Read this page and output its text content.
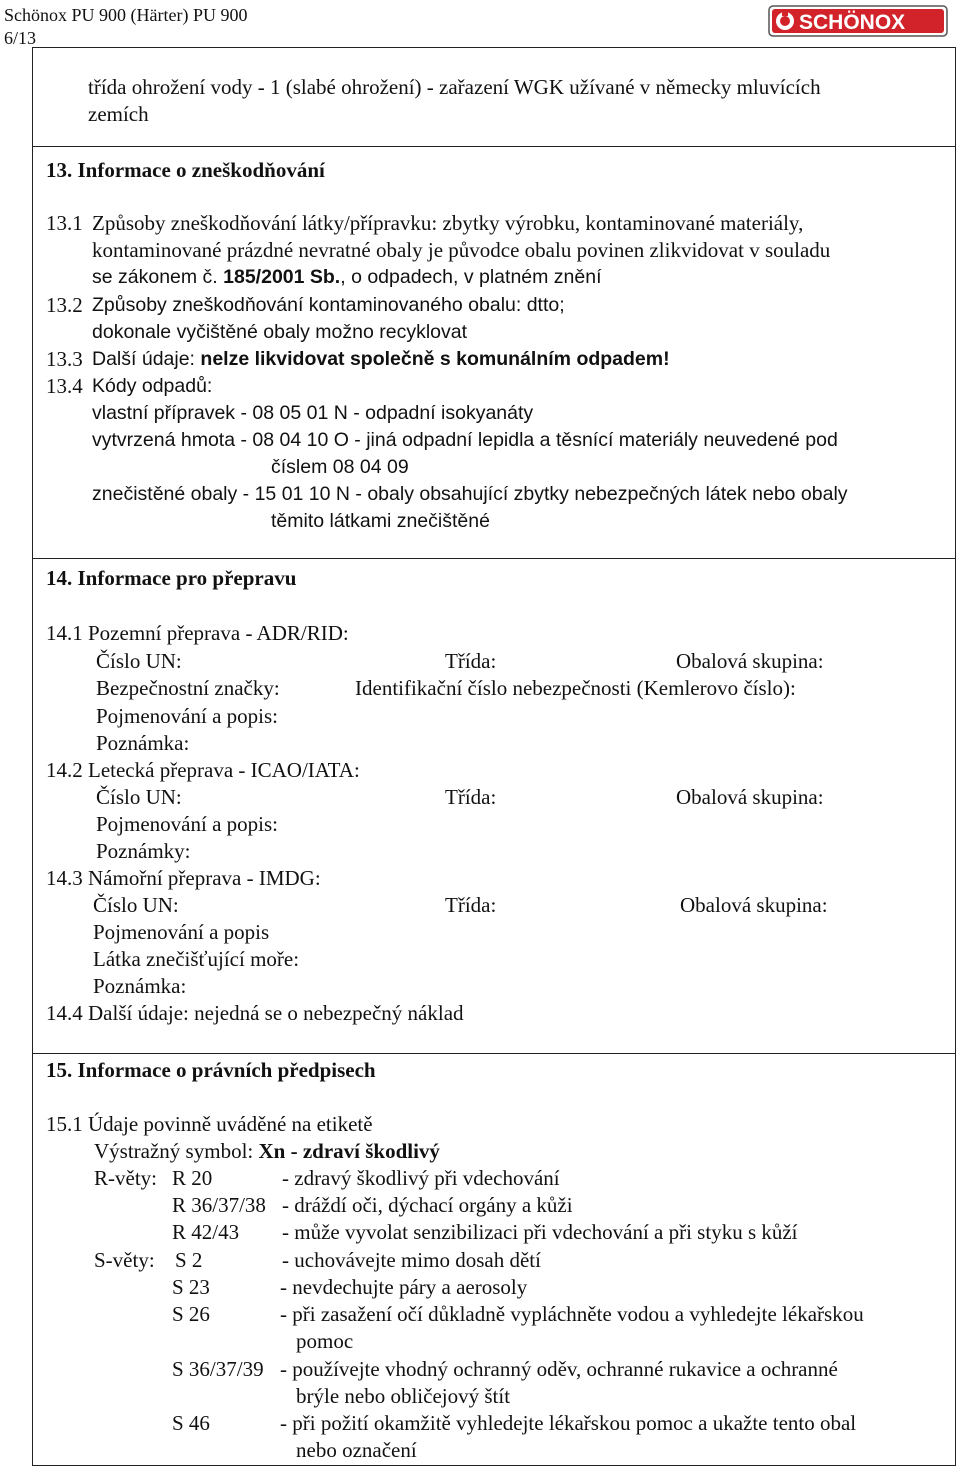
Schönox PU 900 (Härter) PU 900
6/13
SCHÖNOX
třída ohrožení vody - 1 (slabé ohrožení) - zařazení WGK užívané v německy mluvících
zemích
13. Informace o zneškodňování
13.1 Způsoby zneškodňování látky/přípravku: zbytky výrobku, kontaminované materiály,
kontaminované prázdné nevratné obaly je původce obalu povinen zlikvidovat v souladu
se zákonem č. 185/2001 Sb., o odpadech, v platném znění
13.2 Způsoby zneškodňování kontaminovaného obalu: dtto;
dokonale vyčištěné obaly možno recyklovat
13.3 Další údaje: nelze likvidovat společně s komunálním odpadem!
13.4 Kódy odpadů:
vlastní přípravek - 08 05 01 N - odpadní isokyanáty
vytvrzená hmota - 08 04 10 O - jiná odpadní lepidla a těsnící materiály neuvedené pod
číslem 08 04 09
znečistěné obaly - 15 01 10 N - obaly obsahující zbytky nebezpečných látek nebo obaly
těmito látkami znečištěné
14. Informace pro přepravu
14.1 Pozemní přeprava - ADR/RID:
Číslo UN:	Třída:	Obalová skupina:
Bezpečnostní značky:	Identifikační číslo nebezpečnosti (Kemlerovo číslo):
Pojmenování a popis:
Poznámka:
14.2 Letecká přeprava - ICAO/IATA:
Číslo UN:	Třída:	Obalová skupina:
Pojmenování a popis:
Poznámky:
14.3 Námořní přeprava - IMDG:
Číslo UN:	Třída:	Obalová skupina:
Pojmenování a popis
Látka znečišťující moře:
Poznámka:
14.4 Další údaje: nejedná se o nebezpečný náklad
15. Informace o právních předpisech
15.1 Údaje povinně uváděné na etiketě
Výstražný symbol: Xn - zdraví škodlivý
R-věty: R 20	- zdravý škodlivý při vdechování
R 36/37/38 - dráždí oči, dýchací orgány a kůži
R 42/43 - může vyvolat senzibilizaci při vdechování a při styku s kůží
S-věty: S 2	- uchovávejte mimo dosah dětí
S 23	- nevdechujte páry a aerosoly
S 26	- při zasažení očí důkladně vypláchněte vodou a vyhledejte lékařskou
pomoc
S 36/37/39 - používejte vhodný ochranný oděv, ochranné rukavice a ochranné
brýle nebo obličejový štít
S 46	- při požití okamžitě vyhledejte lékařskou pomoc a ukažte tento obal
nebo označení
